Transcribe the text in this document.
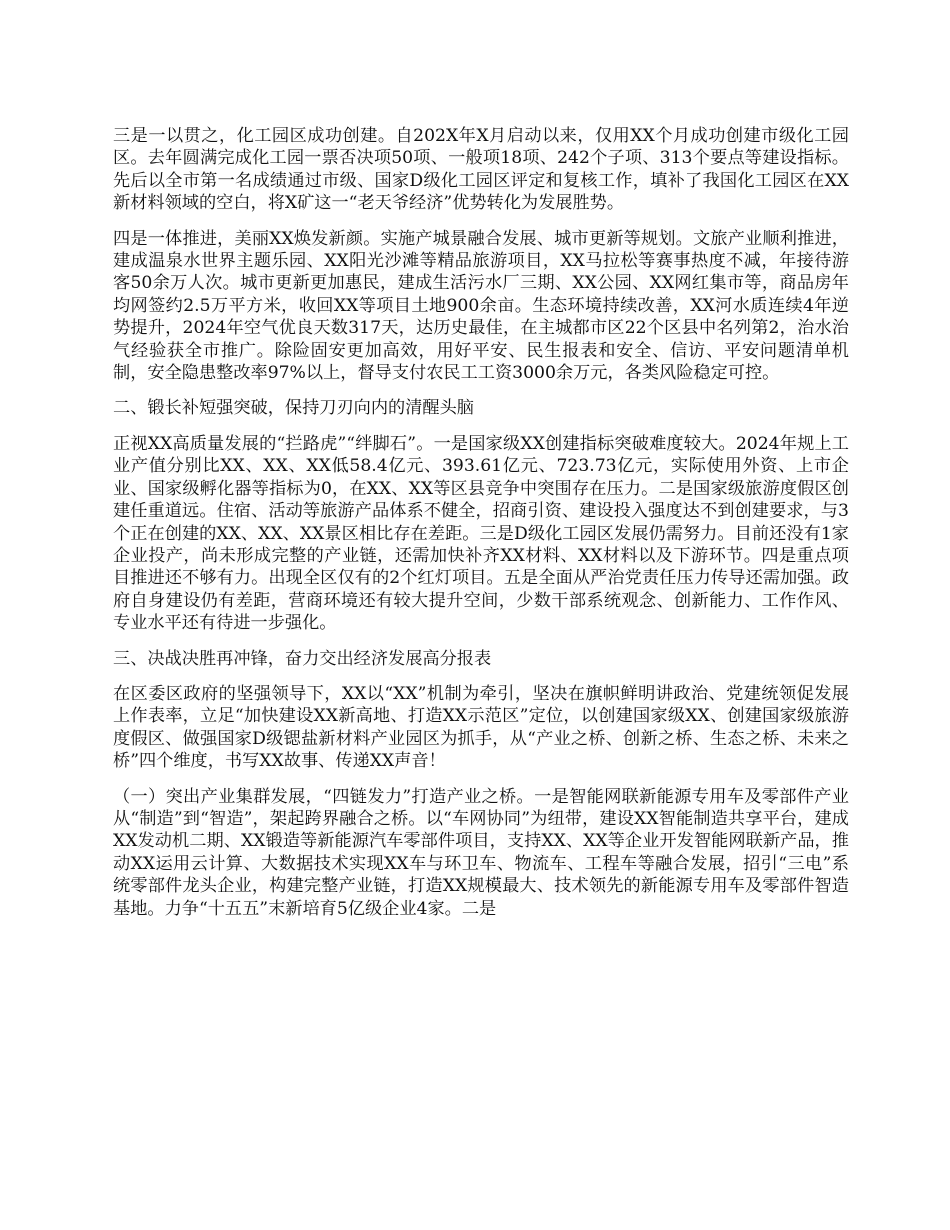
三是一以贯之，化工园区成功创建。自202X年X月启动以来，仅用XX个月成功创建市级化工园区。去年圆满完成化工园一票否决项50项、一般项18项、242个子项、313个要点等建设指标。先后以全市第一名成绩通过市级、国家D级化工园区评定和复核工作，填补了我国化工园区在XX新材料领域的空白，将X矿这一“老天爷经济”优势转化为发展胜势。

四是一体推进，美丽XX焕发新颜。实施产城景融合发展、城市更新等规划。文旅产业顺利推进，建成温泉水世界主题乐园、XX阳光沙滩等精品旅游项目，XX马拉松等赛事热度不减，年接待游客50余万人次。城市更新更加惠民，建成生活污水厂三期、XX公园、XX网红集市等，商品房年均网签约2.5万平方米，收回XX等项目土地900余亩。生态环境持续改善，XX河水质连续4年逆势提升，2024年空气优良天数317天，达历史最佳，在主城都市区22个区县中名列第2，治水治气经验获全市推广。除险固安更加高效，用好平安、民生报表和安全、信访、平安问题清单机制，安全隐患整改率97%以上，督导支付农民工工资3000余万元，各类风险稳定可控。

二、锻长补短强突破，保持刀刃向内的清醒头脑

正视XX高质量发展的“拦路虎”“绊脚石”。一是国家级XX创建指标突破难度较大。2024年规上工业产值分别比XX、XX、XX低58.4亿元、393.61亿元、723.73亿元，实际使用外资、上市企业、国家级孵化器等指标为0，在XX、XX等区县竞争中突围存在压力。二是国家级旅游度假区创建任重道远。住宿、活动等旅游产品体系不健全，招商引资、建设投入强度达不到创建要求，与3个正在创建的XX、XX、XX景区相比存在差距。三是D级化工园区发展仍需努力。目前还没有1家企业投产，尚未形成完整的产业链，还需加快补齐XX材料、XX材料以及下游环节。四是重点项目推进还不够有力。出现全区仅有的2个红灯项目。五是全面从严治党责任压力传导还需加强。政府自身建设仍有差距，营商环境还有较大提升空间，少数干部系统观念、创新能力、工作作风、专业水平还有待进一步强化。

三、决战决胜再冲锋，奋力交出经济发展高分报表

在区委区政府的坚强领导下，XX以“XX”机制为牵引，坚决在旗帜鲜明讲政治、党建统领促发展上作表率，立足“加快建设XX新高地、打造XX示范区”定位，以创建国家级XX、创建国家级旅游度假区、做强国家D级锶盐新材料产业园区为抓手，从“产业之桥、创新之桥、生态之桥、未来之桥”四个维度，书写XX故事、传递XX声音！

（一）突出产业集群发展，“四链发力”打造产业之桥。一是智能网联新能源专用车及零部件产业从“制造”到“智造”，架起跨界融合之桥。以“车网协同”为纽带，建设XX智能制造共享平台，建成XX发动机二期、XX锻造等新能源汽车零部件项目，支持XX、XX等企业开发智能网联新产品，推动XX运用云计算、大数据技术实现XX车与环卫车、物流车、工程车等融合发展，招引“三电”系统零部件龙头企业，构建完整产业链，打造XX规模最大、技术领先的新能源专用车及零部件智造基地。力争“十五五”末新培育5亿级企业4家。二是
